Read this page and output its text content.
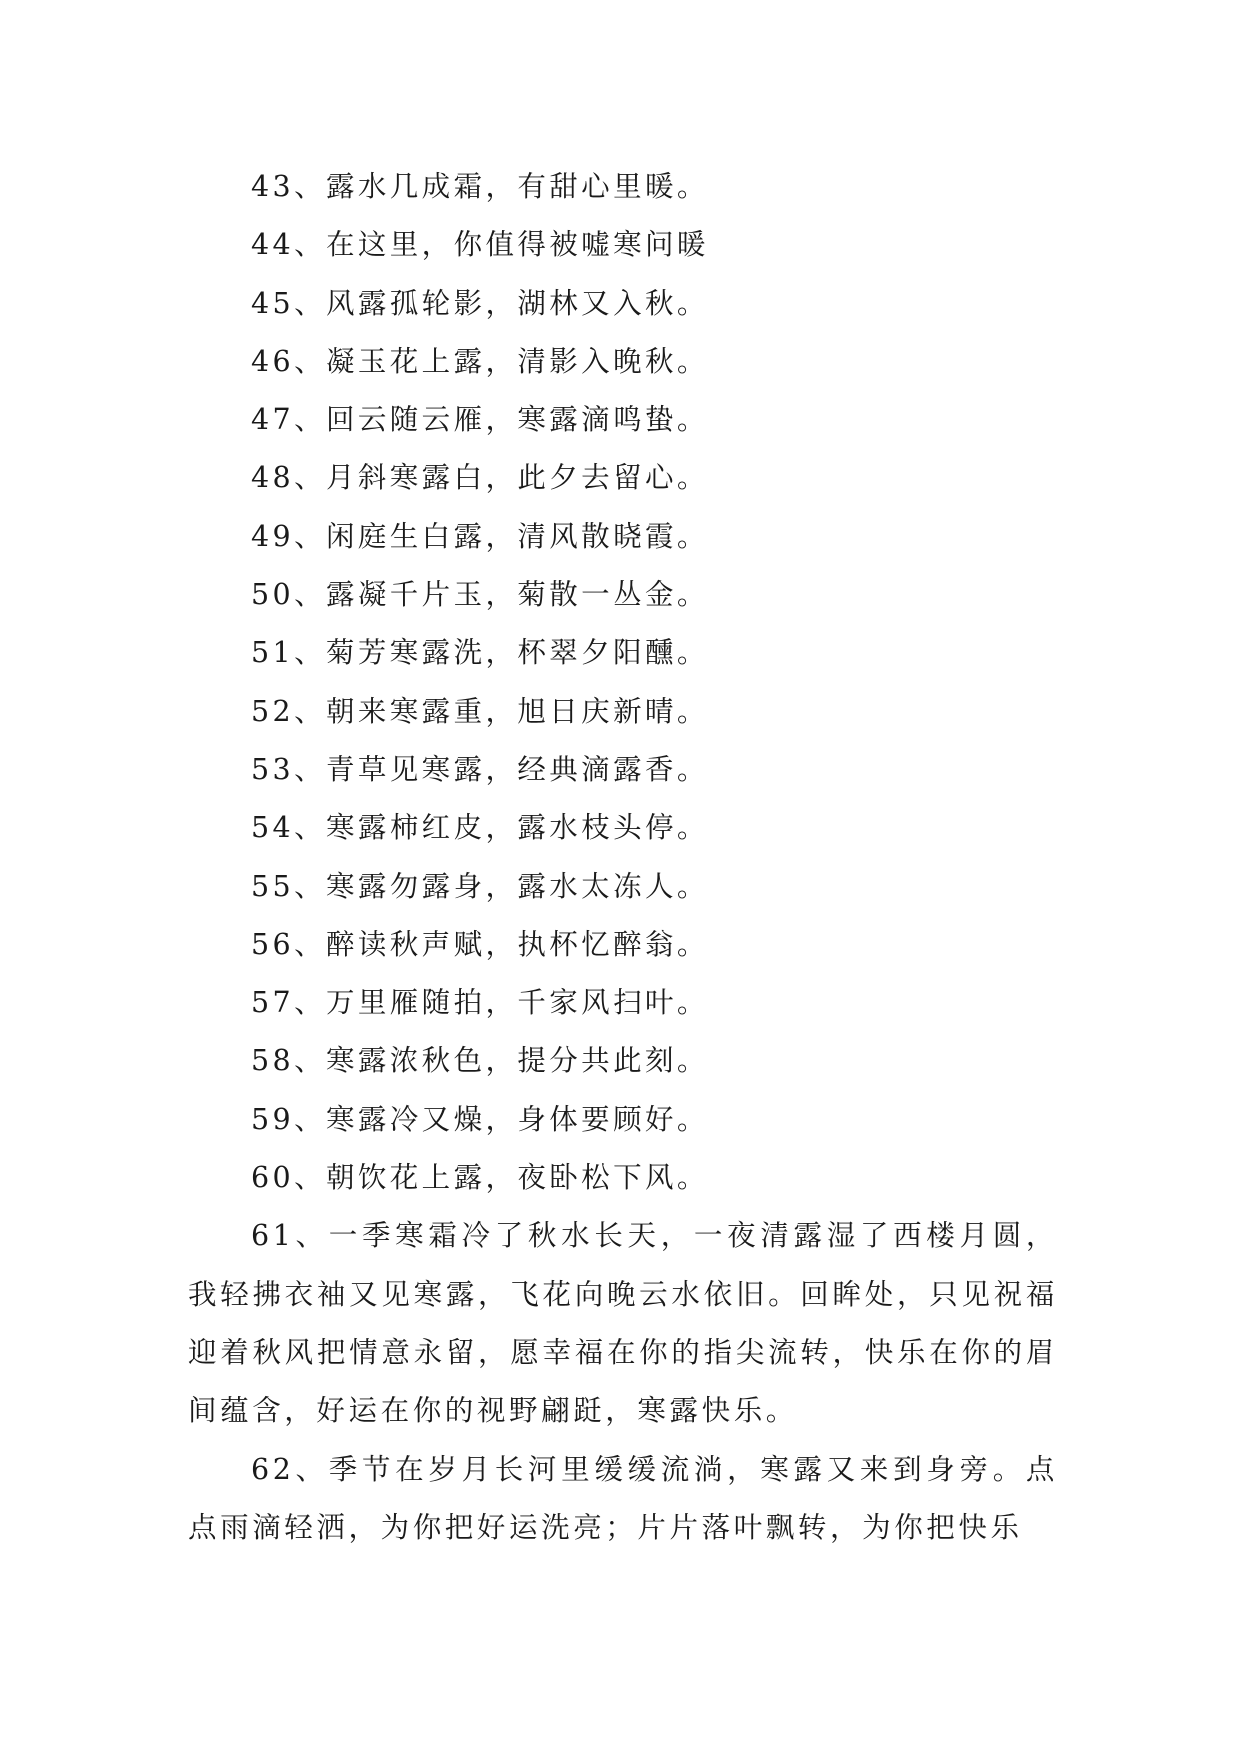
43、露水几成霜，有甜心里暖。
44、在这里，你值得被嘘寒问暖
45、风露孤轮影，湖林又入秋。
46、凝玉花上露，清影入晚秋。
47、回云随云雁，寒露滴鸣蛰。
48、月斜寒露白，此夕去留心。
49、闲庭生白露，清风散晓霞。
50、露凝千片玉，菊散一丛金。
51、菊芳寒露洗，杯翠夕阳醺。
52、朝来寒露重，旭日庆新晴。
53、青草见寒露，经典滴露香。
54、寒露柿红皮，露水枝头停。
55、寒露勿露身，露水太冻人。
56、醉读秋声赋，执杯忆醉翁。
57、万里雁随拍，千家风扫叶。
58、寒露浓秋色，提分共此刻。
59、寒露冷又燥，身体要顾好。
60、朝饮花上露，夜卧松下风。

61、一季寒霜冷了秋水长天，一夜清露湿了西楼月圆，我轻拂衣袖又见寒露，飞花向晚云水依旧。回眸处，只见祝福迎着秋风把情意永留，愿幸福在你的指尖流转，快乐在你的眉间蕴含，好运在你的视野翩跹，寒露快乐。

62、季节在岁月长河里缓缓流淌，寒露又来到身旁。点点雨滴轻洒，为你把好运洗亮；片片落叶飘转，为你把快乐
